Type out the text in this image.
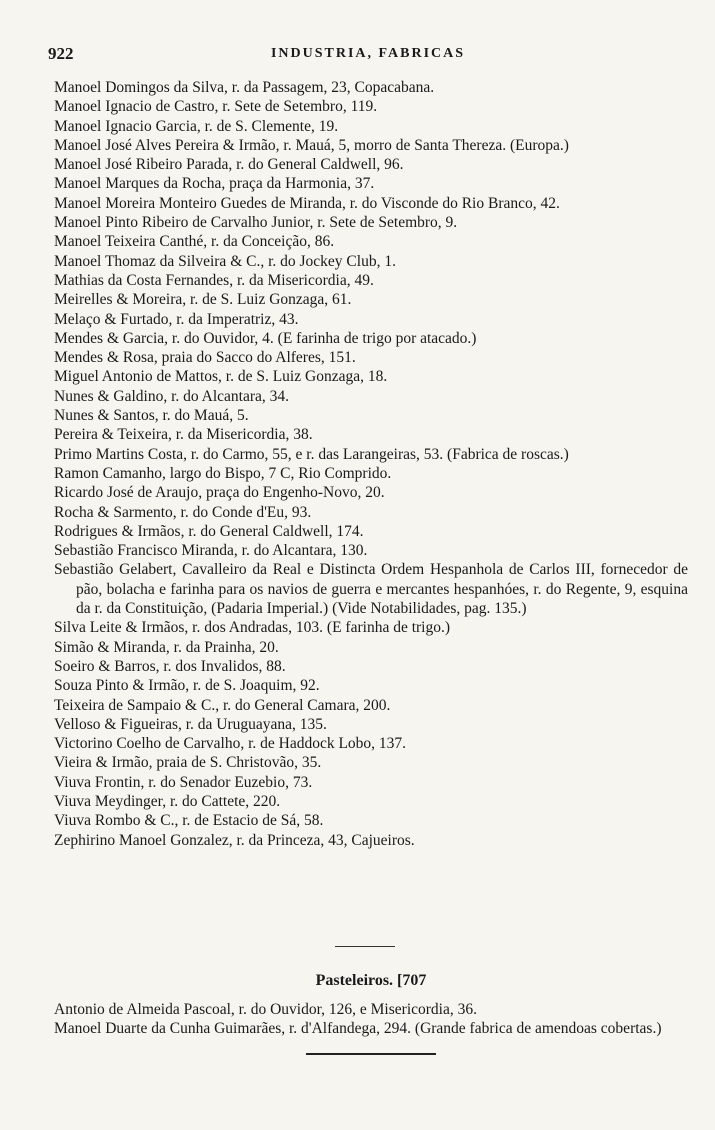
922	INDUSTRIA, FABRICAS
Manoel Domingos da Silva, r. da Passagem, 23, Copacabana.
Manoel Ignacio de Castro, r. Sete de Setembro, 119.
Manoel Ignacio Garcia, r. de S. Clemente, 19.
Manoel José Alves Pereira & Irmão, r. Mauá, 5, morro de Santa Thereza. (Europa.)
Manoel José Ribeiro Parada, r. do General Caldwell, 96.
Manoel Marques da Rocha, praça da Harmonia, 37.
Manoel Moreira Monteiro Guedes de Miranda, r. do Visconde do Rio Branco, 42.
Manoel Pinto Ribeiro de Carvalho Junior, r. Sete de Setembro, 9.
Manoel Teixeira Canthé, r. da Conceição, 86.
Manoel Thomaz da Silveira & C., r. do Jockey Club, 1.
Mathias da Costa Fernandes, r. da Misericordia, 49.
Meirelles & Moreira, r. de S. Luiz Gonzaga, 61.
Melaço & Furtado, r. da Imperatriz, 43.
Mendes & Garcia, r. do Ouvidor, 4. (E farinha de trigo por atacado.)
Mendes & Rosa, praia do Sacco do Alferes, 151.
Miguel Antonio de Mattos, r. de S. Luiz Gonzaga, 18.
Nunes & Galdino, r. do Alcantara, 34.
Nunes & Santos, r. do Mauá, 5.
Pereira & Teixeira, r. da Misericordia, 38.
Primo Martins Costa, r. do Carmo, 55, e r. das Larangeiras, 53. (Fabrica de roscas.)
Ramon Camanho, largo do Bispo, 7 C, Rio Comprido.
Ricardo José de Araujo, praça do Engenho-Novo, 20.
Rocha & Sarmento, r. do Conde d'Eu, 93.
Rodrigues & Irmãos, r. do General Caldwell, 174.
Sebastião Francisco Miranda, r. do Alcantara, 130.
Sebastião Gelabert, Cavalleiro da Real e Distincta Ordem Hespanhola de Carlos III, fornecedor de pão, bolacha e farinha para os navios de guerra e mercantes hespanhóes, r. do Regente, 9, esquina da r. da Constituição, (Padaria Imperial.) (Vide Notabilidades, pag. 135.)
Silva Leite & Irmãos, r. dos Andradas, 103. (E farinha de trigo.)
Simão & Miranda, r. da Prainha, 20.
Soeiro & Barros, r. dos Invalidos, 88.
Souza Pinto & Irmão, r. de S. Joaquim, 92.
Teixeira de Sampaio & C., r. do General Camara, 200.
Velloso & Figueiras, r. da Uruguayana, 135.
Victorino Coelho de Carvalho, r. de Haddock Lobo, 137.
Vieira & Irmão, praia de S. Christovão, 35.
Viuva Frontin, r. do Senador Euzebio, 73.
Viuva Meydinger, r. do Cattete, 220.
Viuva Rombo & C., r. de Estacio de Sá, 58.
Zephirino Manoel Gonzalez, r. da Princeza, 43, Cajueiros.
Pasteleiros. [707
Antonio de Almeida Pascoal, r. do Ouvidor, 126, e Misericordia, 36.
Manoel Duarte da Cunha Guimarães, r. d'Alfandega, 294. (Grande fabrica de amendoas cobertas.)
